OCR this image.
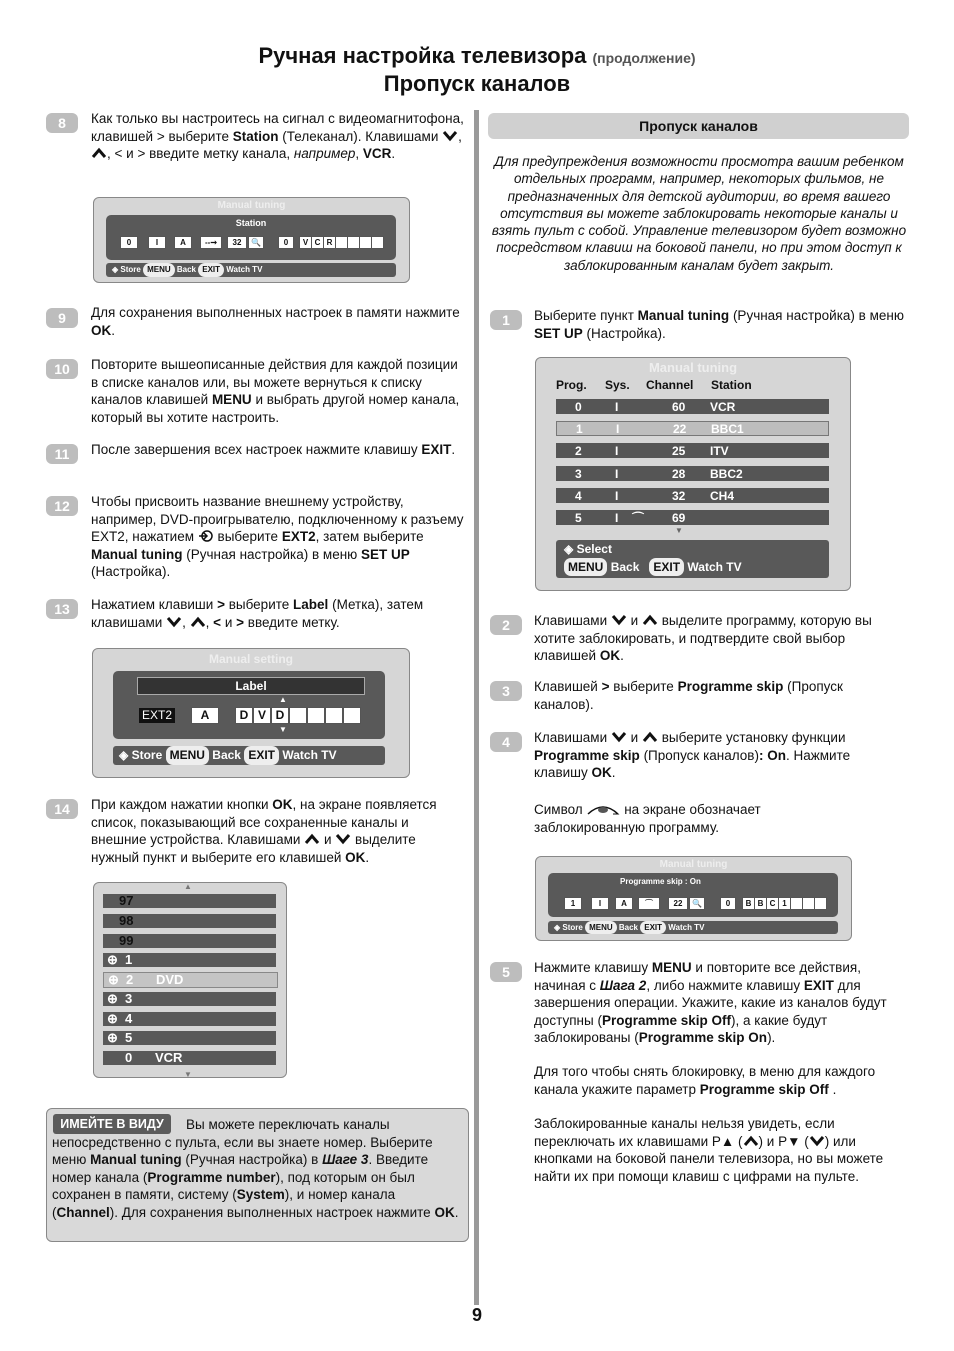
Ручная настройка телевизора (продолжение)
Пропуск каналов
8	Как только вы настроитесь на сигнал с видеомагнитофона, клавишей > выберите Station (Телеканал). Клавишами , , < и > введите метку канала, например, VCR.
Manual tuning
Station
0	I	A	--➞	32	🔍	0	V C R
◈ Store MENU Back EXIT Watch TV
9	Для сохранения выполненных настроек в памяти нажмите OK.
10	Повторите вышеописанные действия для каждой позиции в списке каналов или, вы можете вернуться к списку каналов клавишей MENU и выбрать другой номер канала, который вы хотите настроить.
11	После завершения всех настроек нажмите клавишу EXIT.
12	Чтобы присвоить название внешнему устройству, например, DVD-проигрывателю, подключенному к разъему EXT2, нажатием выберите EXT2, затем выберите Manual tuning (Ручная настройка) в меню SET UP (Настройка).
13	Нажатием клавиши > выберите Label (Метка), затем клавишами , , < и > введите метку.
Manual setting
Label
▲
EXT2	A	D V D
▼
◈ Store MENU Back EXIT Watch TV
14	При каждом нажатии кнопки OK, на экране появляется список, показывающий все сохраненные каналы и внешние устройства. Клавишами и выделите нужный пункт и выберите его клавишей OK.
▲
▼
97
98
99
⊕ 1
⊕ 2 DVD
⊕ 3
⊕ 4
⊕ 5
0 VCR
ИМЕЙТЕ В ВИДУ	Вы можете переключать каналы непосредственно с пульта, если вы знаете номер. Выберите меню Manual tuning (Ручная настройка) в Шаге 3. Введите номер канала (Programme number), под которым он был сохранен в памяти, систему (System), и номер канала (Channel). Для сохранения выполненных настроек нажмите OK.
Пропуск каналов
Для предупреждения возможности просмотра вашим ребенком отдельных программ, например, некоторых фильмов, не предназначенных для детской аудитории, во время вашего отсутствия вы можете заблокировать некоторые каналы и взять пульт с собой. Управление телевизором будет возможно посредством клавиш на боковой панели, но при этом доступ к заблокированным каналам будет закрыт.
1	Выберите пункт Manual tuning (Ручная настройка) в меню SET UP (Настройка).
Manual tuning
Prog. Sys. Channel Station
0	I	60 VCR
1	I	22 BBC1
2	I	25 ITV
3	I	28 BBC2
4	I	32 CH4
5	I ⌒ 69
▼
◈ Select
MENU Back EXIT Watch TV
2	Клавишами и выделите программу, которую вы хотите заблокировать, и подтвердите свой выбор клавишей OK.
3	Клавишей > выберите Programme skip (Пропуск каналов).
4	Клавишами и выберите установку функции Programme skip (Пропуск каналов): On. Нажмите клавишу OK.
Символ	на экране обозначает заблокированную программу.
Manual tuning
Programme skip : On
1	I	A	⌒	22	🔍	0	B B C 1
◈ Store MENU Back EXIT Watch TV
5	Нажмите клавишу MENU и повторите все действия, начиная с Шага 2, либо нажмите клавишу EXIT для завершения операции. Укажите, какие из каналов будут доступны (Programme skip Off), а какие будут заблокированы (Programme skip On).
Для того чтобы снять блокировку, в меню для каждого канала укажите параметр Programme skip Off .
Заблокированные каналы нельзя увидеть, если переключать их клавишами P▲ ( ) и P▼ ( ) или кнопками на боковой панели телевизора, но вы можете найти их при помощи клавиш с цифрами на пульте.
9
